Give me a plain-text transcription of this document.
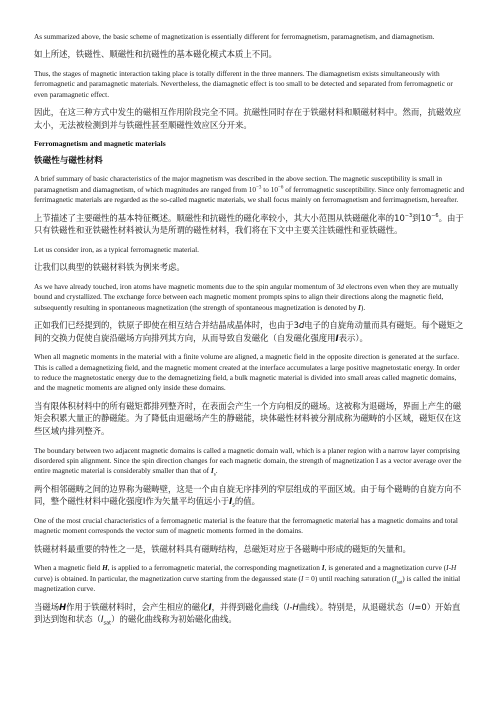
As summarized above, the basic scheme of magnetization is essentially different for ferromagnetism, paramagnetism, and diamagnetism.

如上所述，铁磁性、顺磁性和抗磁性的基本磁化模式本质上不同。

Thus, the stages of magnetic interaction taking place is totally different in the three manners. The diamagnetism exists simultaneously with ferromagnetic and paramagnetic materials. Nevertheless, the diamagnetic effect is too small to be detected and separated from ferromagnetic or even paramagnetic effect.

因此，在这三种方式中发生的磁相互作用阶段完全不同。抗磁性同时存在于铁磁材料和顺磁材料中。然而，抗磁效应太小，无法被检测到并与铁磁性甚至顺磁性效应区分开来。

Ferromagnetism and magnetic materials

铁磁性与磁性材料

A brief summary of basic characteristics of the major magnetism was described in the above section. The magnetic susceptibility is small in paramagnetism and diamagnetism, of which magnitudes are ranged from $10^{-3}$ to $10^{-6}$ of ferromagnetic susceptibility. Since only ferromagnetic and ferrimagnetic materials are regarded as the so-called magnetic materials, we shall focus mainly on ferromagnetism and ferrimagnetism, hereafter.

上节描述了主要磁性的基本特征概述。顺磁性和抗磁性的磁化率较小，其大小范围从铁磁磁化率的$10^{-3}$到$10^{-6}$。由于只有铁磁性和亚铁磁性材料被认为是所谓的磁性材料，我们将在下文中主要关注铁磁性和亚铁磁性。

Let us consider iron, as a typical ferromagnetic material.

让我们以典型的铁磁材料铁为例来考虑。

As we have already touched, iron atoms have magnetic moments due to the spin angular momentum of 3d electrons even when they are mutually bound and crystallized. The exchange force between each magnetic moment prompts spins to align their directions along the magnetic field, subsequently resulting in spontaneous magnetization (the strength of spontaneous magnetization is denoted by I).

正如我们已经提到的，铁原子即使在相互结合并结晶成晶体时，也由于3d电子的自旋角动量而具有磁矩。每个磁矩之间的交换力促使自旋沿磁场方向排列其方向，从而导致自发磁化（自发磁化强度用I表示）。

When all magnetic moments in the material with a finite volume are aligned, a magnetic field in the opposite direction is generated at the surface. This is called a demagnetizing field, and the magnetic moment created at the interface accumulates a large positive magnetostatic energy. In order to reduce the magnetostatic energy due to the demagnetizing field, a bulk magnetic material is divided into small areas called magnetic domains, and the magnetic moments are aligned only inside these domains.

当有限体积材料中的所有磁矩都排列整齐时，在表面会产生一个方向相反的磁场。这被称为退磁场，界面上产生的磁矩会积累大量正的静磁能。为了降低由退磁场产生的静磁能，块体磁性材料被分割成称为磁畴的小区域，磁矩仅在这些区域内排列整齐。

The boundary between two adjacent magnetic domains is called a magnetic domain wall, which is a planer region with a narrow layer comprising disordered spin alignment. Since the spin direction changes for each magnetic domain, the strength of magnetization I as a vector average over the entire magnetic material is considerably smaller than that of $I_s$.

两个相邻磁畴之间的边界称为磁畴壁，这是一个由自旋无序排列的窄层组成的平面区域。由于每个磁畴的自旋方向不同，整个磁性材料中磁化强度I作为矢量平均值远小于$I_s$的值。

One of the most crucial characteristics of a ferromagnetic material is the feature that the ferromagnetic material has a magnetic domains and total magnetic moment corresponds the vector sum of magnetic moments formed in the domains.

铁磁材料最重要的特性之一是，铁磁材料具有磁畴结构，总磁矩对应于各磁畴中形成的磁矩的矢量和。

When a magnetic field H, is applied to a ferromagnetic material, the corresponding magnetization I, is generated and a magnetization curve (I-H curve) is obtained. In particular, the magnetization curve starting from the degaussed state (I = 0) until reaching saturation $(I_{sat})$ is called the initial magnetization curve.

当磁场H作用于铁磁材料时，会产生相应的磁化I，并得到磁化曲线（I-H曲线）。特别是，从退磁状态（I=0）开始直到达到饱和状态$(I_{sat})$的磁化曲线称为初始磁化曲线。
